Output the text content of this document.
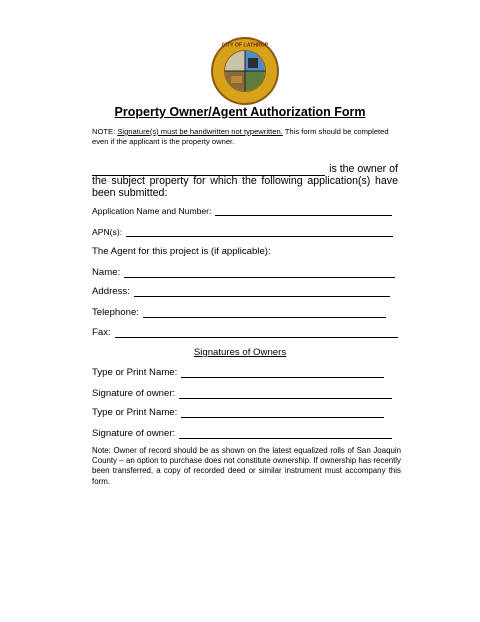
CITY OF LATHROP
Property Owner/Agent Authorization Form
NOTE: Signature(s) must be handwritten not typewritten. This form should be completed even if the applicant is the property owner.
is the owner of
the subject property for which the following application(s) have been submitted:
Application Name and Number:
APN(s):
The Agent for this project is (if applicable):
Name:
Address:
Telephone:
Fax:
Signatures of Owners
Type or Print Name:
Signature of owner:
Type or Print Name:
Signature of owner:
Note: Owner of record should be as shown on the latest equalized rolls of San Joaquin County – an option to purchase does not constitute ownership. If ownership has recently been transferred, a copy of recorded deed or similar instrument must accompany this form.
